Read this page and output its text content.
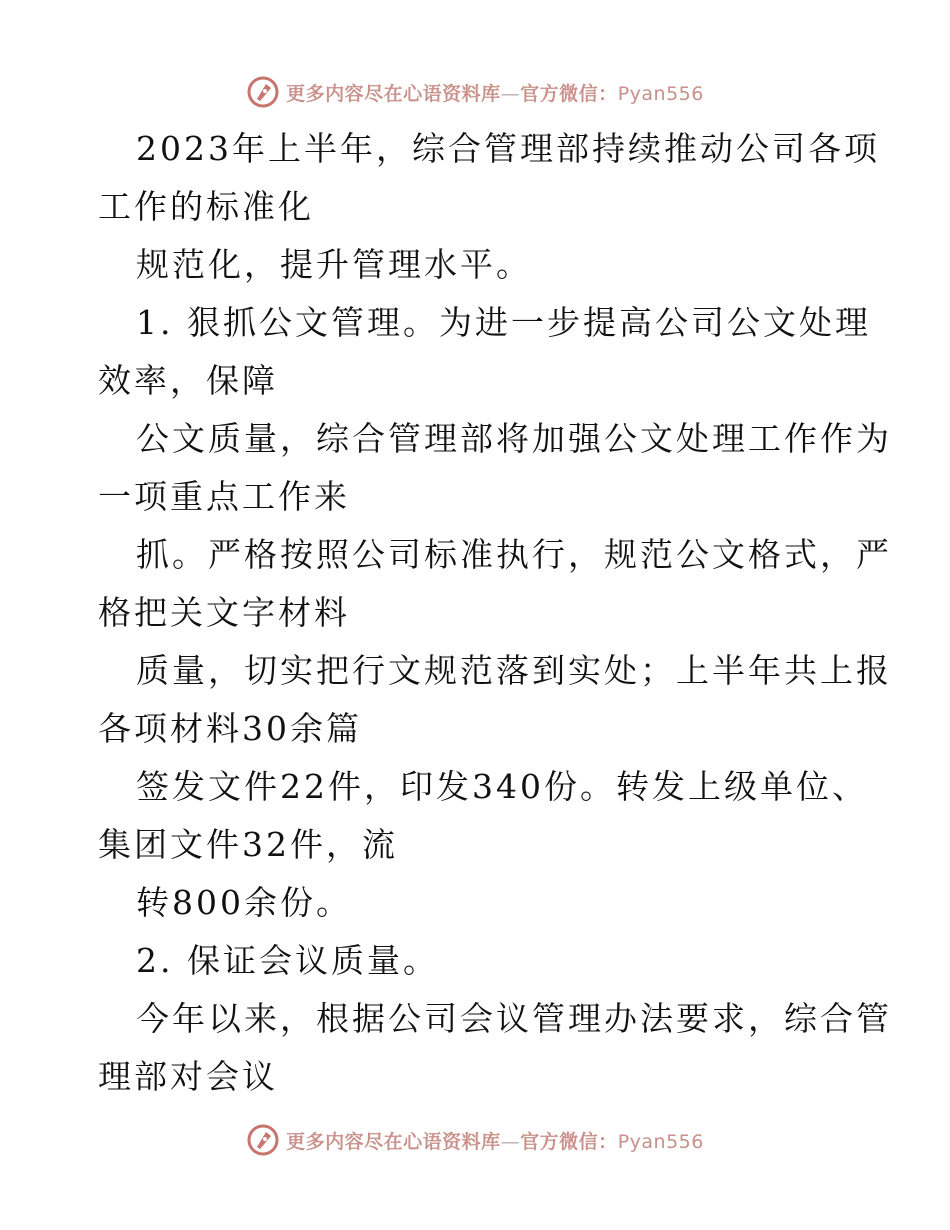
更多内容尽在心语资料库—官方微信：Pyan556
2023年上半年，综合管理部持续推动公司各项
工作的标准化
规范化，提升管理水平。
1. 狠抓公文管理。为进一步提高公司公文处理
效率，保障
公文质量，综合管理部将加强公文处理工作作为
一项重点工作来
抓。严格按照公司标准执行，规范公文格式，严
格把关文字材料
质量，切实把行文规范落到实处；上半年共上报
各项材料30余篇
签发文件22件，印发340份。转发上级单位、
集团文件32件，流
转800余份。
2. 保证会议质量。
今年以来，根据公司会议管理办法要求，综合管
理部对会议
更多内容尽在心语资料库—官方微信：Pyan556
